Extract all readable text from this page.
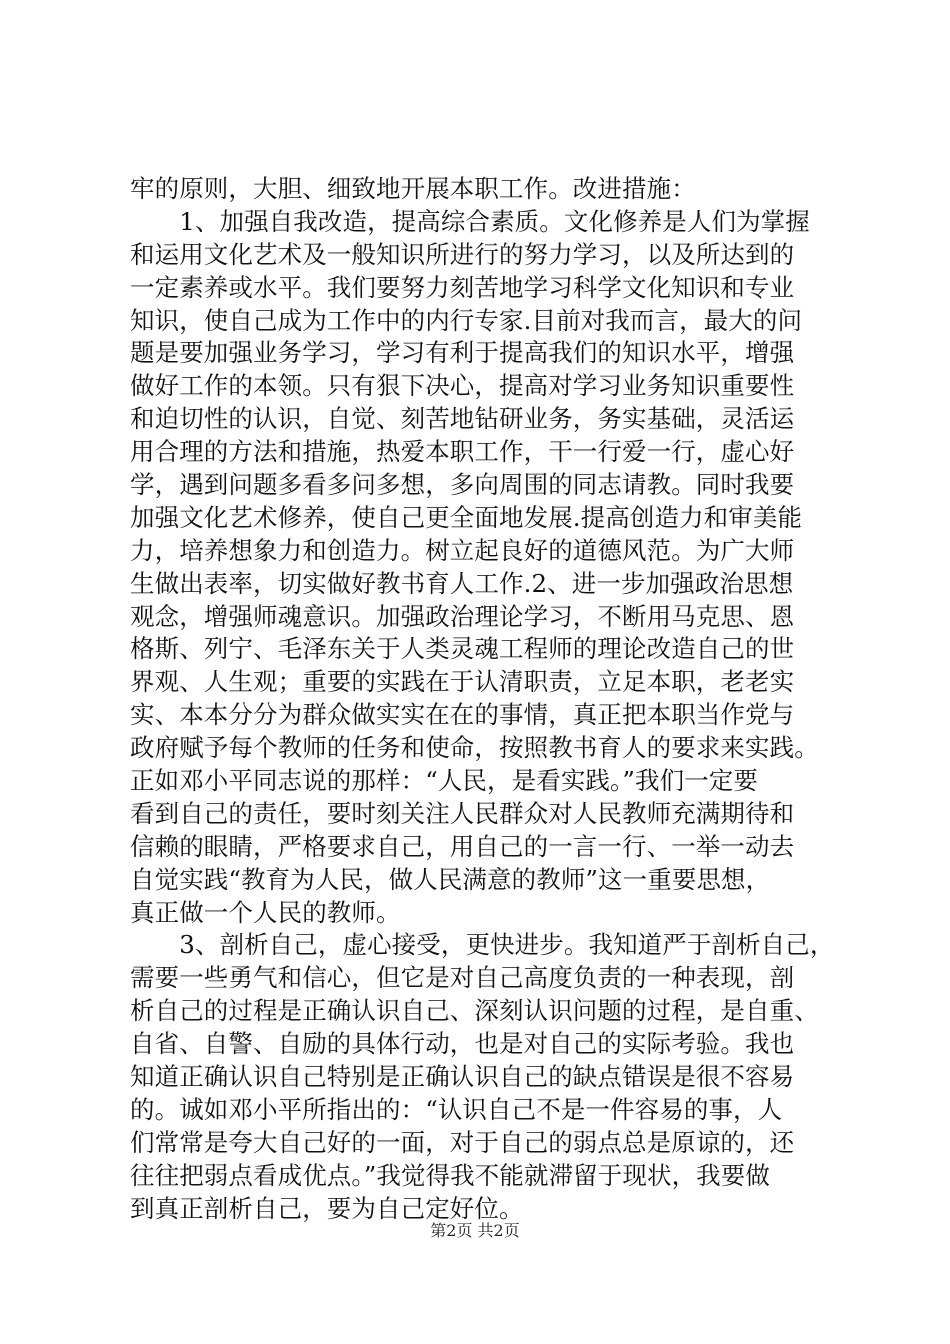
牢的原则，大胆、细致地开展本职工作。改进措施：
　　1、加强自我改造，提高综合素质。文化修养是人们为掌握
和运用文化艺术及一般知识所进行的努力学习，以及所达到的
一定素养或水平。我们要努力刻苦地学习科学文化知识和专业
知识，使自己成为工作中的内行专家.目前对我而言，最大的问
题是要加强业务学习，学习有利于提高我们的知识水平，增强
做好工作的本领。只有狠下决心，提高对学习业务知识重要性
和迫切性的认识，自觉、刻苦地钻研业务，务实基础，灵活运
用合理的方法和措施，热爱本职工作，干一行爱一行，虚心好
学，遇到问题多看多问多想，多向周围的同志请教。同时我要
加强文化艺术修养，使自己更全面地发展.提高创造力和审美能
力，培养想象力和创造力。树立起良好的道德风范。为广大师
生做出表率，切实做好教书育人工作.2、进一步加强政治思想
观念，增强师魂意识。加强政治理论学习，不断用马克思、恩
格斯、列宁、毛泽东关于人类灵魂工程师的理论改造自己的世
界观、人生观；重要的实践在于认清职责，立足本职，老老实
实、本本分分为群众做实实在在的事情，真正把本职当作党与
政府赋予每个教师的任务和使命，按照教书育人的要求来实践。
正如邓小平同志说的那样：“人民，是看实践。”我们一定要
看到自己的责任，要时刻关注人民群众对人民教师充满期待和
信赖的眼睛，严格要求自己，用自己的一言一行、一举一动去
自觉实践“教育为人民，做人民满意的教师”这一重要思想，
真正做一个人民的教师。
　　3、剖析自己，虚心接受，更快进步。我知道严于剖析自己，
需要一些勇气和信心，但它是对自己高度负责的一种表现，剖
析自己的过程是正确认识自己、深刻认识问题的过程，是自重、
自省、自警、自励的具体行动，也是对自己的实际考验。我也
知道正确认识自己特别是正确认识自己的缺点错误是很不容易
的。诚如邓小平所指出的：“认识自己不是一件容易的事，人
们常常是夸大自己好的一面，对于自己的弱点总是原谅的，还
往往把弱点看成优点。”我觉得我不能就滞留于现状，我要做
到真正剖析自己，要为自己定好位。
第2页 共2页
